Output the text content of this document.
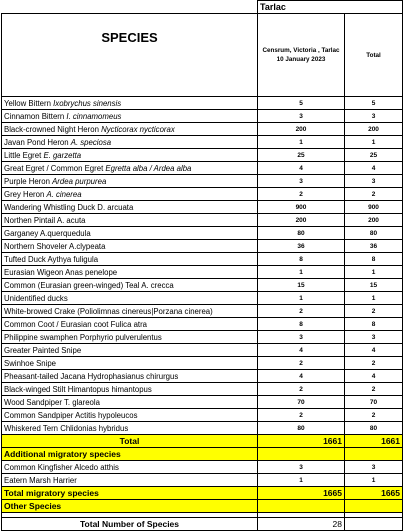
	Tarlac	
SPECIES	Censrum, Victoria , Tarlac 10 January 2023	Total
Yellow Bittern Ixobrychus sinensis	5	5
Cinnamon Bittern I. cinnamomeus	3	3
Black-crowned Night Heron Nycticorax nycticorax	200	200
Javan Pond Heron A. speciosa	1	1
Little Egret E. garzetta	25	25
Great Egret / Common Egret Egretta alba / Ardea alba	4	4
Purple Heron Ardea purpurea	3	3
Grey Heron A. cinerea	2	2
Wandering Whistling Duck D. arcuata	900	900
Northen Pintail A. acuta	200	200
Garganey A.querquedula	80	80
Northern Shoveler A.clypeata	36	36
Tufted Duck Aythya fuligula	8	8
Eurasian Wigeon Anas penelope	1	1
Common (Eurasian green-winged) Teal A. crecca	15	15
Unidentified ducks	1	1
White-browed Crake (Poliolimnas cinereus|Porzana cinerea)	2	2
Common Coot / Eurasian coot Fulica atra	8	8
Philippine swamphen Porphyrio pulverulentus	3	3
Greater Painted Snipe	4	4
Swinhoe Snipe	2	2
Pheasant-tailed Jacana Hydrophasianus chirurgus	4	4
Black-winged Stilt Himantopus himantopus	2	2
Wood Sandpiper T. glareola	70	70
Common Sandpiper Actitis hypoleucos	2	2
Whiskered Tern Chlidonias hybridus	80	80
Total	1661	1661
Additional migratory species		
Common Kingfisher Alcedo atthis	3	3
Eatern Marsh Harrier	1	1
Total migratory species	1665	1665
Other Species		

Total Number of Species	28	
